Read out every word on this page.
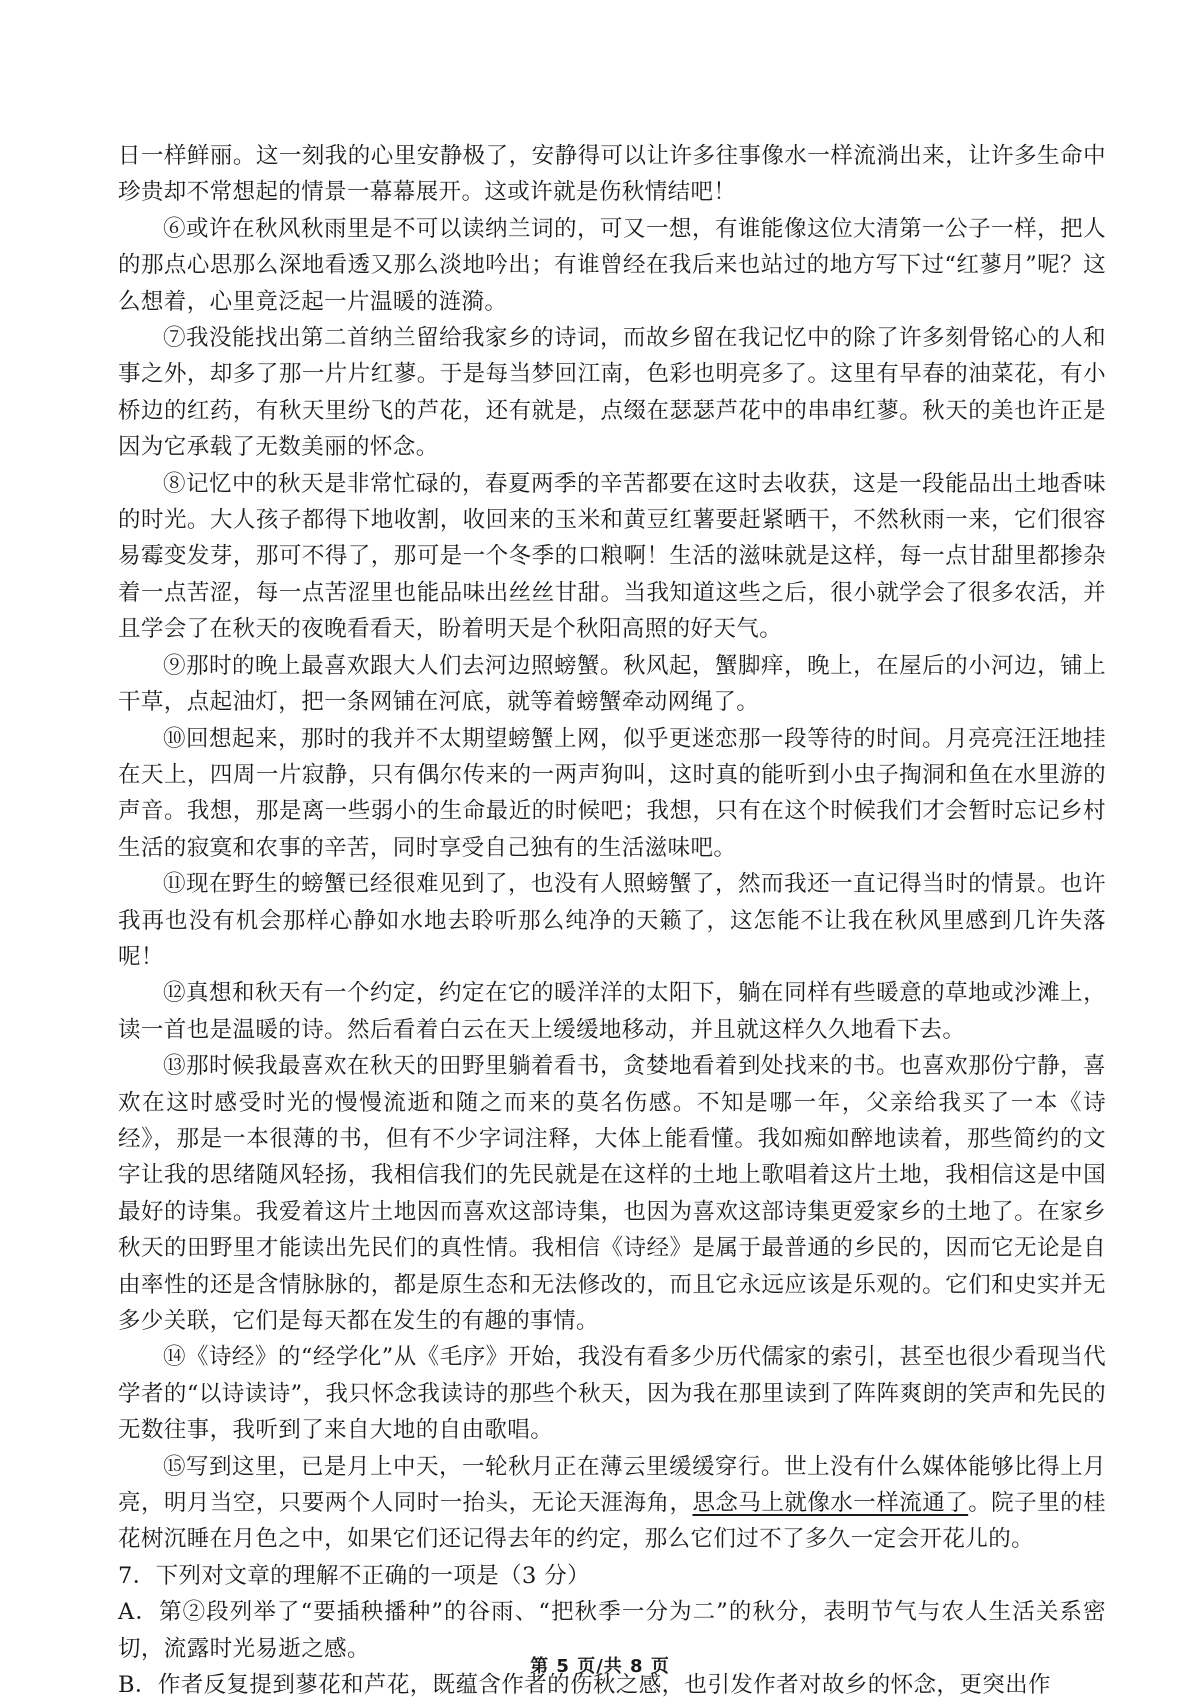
日一样鲜丽。这一刻我的心里安静极了，安静得可以让许多往事像水一样流淌出来，让许多生命中珍贵却不常想起的情景一幕幕展开。这或许就是伤秋情结吧！

⑥或许在秋风秋雨里是不可以读纳兰词的，可又一想，有谁能像这位大清第一公子一样，把人的那点心思那么深地看透又那么淡地吟出；有谁曾经在我后来也站过的地方写下过“红蓼月”呢？这么想着，心里竟泛起一片温暖的涟漪。

⑦我没能找出第二首纳兰留给我家乡的诗词，而故乡留在我记忆中的除了许多刻骨铭心的人和事之外，却多了那一片片红蓼。于是每当梦回江南，色彩也明亮多了。这里有早春的油菜花，有小桥边的红药，有秋天里纷飞的芦花，还有就是，点缀在瑟瑟芦花中的串串红蓼。秋天的美也许正是因为它承载了无数美丽的怀念。

⑧记忆中的秋天是非常忙碌的，春夏两季的辛苦都要在这时去收获，这是一段能品出土地香味的时光。大人孩子都得下地收割，收回来的玉米和黄豆红薯要赶紧晒干，不然秋雨一来，它们很容易霉变发芽，那可不得了，那可是一个冬季的口粮啊！生活的滋味就是这样，每一点甘甜里都掺杂着一点苦涩，每一点苦涩里也能品味出丝丝甘甜。当我知道这些之后，很小就学会了很多农活，并且学会了在秋天的夜晚看看天，盼着明天是个秋阳高照的好天气。

⑨那时的晚上最喜欢跟大人们去河边照螃蟹。秋风起，蟹脚痒，晚上，在屋后的小河边，铺上干草，点起油灯，把一条网铺在河底，就等着螃蟹牵动网绳了。

⑩回想起来，那时的我并不太期望螃蟹上网，似乎更迷恋那一段等待的时间。月亮亮汪汪地挂在天上，四周一片寂静，只有偶尔传来的一两声狗叫，这时真的能听到小虫子掏洞和鱼在水里游的声音。我想，那是离一些弱小的生命最近的时候吧；我想，只有在这个时候我们才会暂时忘记乡村生活的寂寞和农事的辛苦，同时享受自己独有的生活滋味吧。

⑪现在野生的螃蟹已经很难见到了，也没有人照螃蟹了，然而我还一直记得当时的情景。也许我再也没有机会那样心静如水地去聆听那么纯净的天籁了，这怎能不让我在秋风里感到几许失落呢！

⑫真想和秋天有一个约定，约定在它的暖洋洋的太阳下，躺在同样有些暖意的草地或沙滩上，读一首也是温暖的诗。然后看着白云在天上缓缓地移动，并且就这样久久地看下去。

⑬那时候我最喜欢在秋天的田野里躺着看书，贪婪地看着到处找来的书。也喜欢那份宁静，喜欢在这时感受时光的慢慢流逝和随之而来的莫名伤感。不知是哪一年，父亲给我买了一本《诗经》，那是一本很薄的书，但有不少字词注释，大体上能看懂。我如痴如醉地读着，那些简约的文字让我的思绪随风轻扬，我相信我们的先民就是在这样的土地上歌唱着这片土地，我相信这是中国最好的诗集。我爱着这片土地因而喜欢这部诗集，也因为喜欢这部诗集更爱家乡的土地了。在家乡秋天的田野里才能读出先民们的真性情。我相信《诗经》是属于最普通的乡民的，因而它无论是自由率性的还是含情脉脉的，都是原生态和无法修改的，而且它永远应该是乐观的。它们和史实并无多少关联，它们是每天都在发生的有趣的事情。

⑭《诗经》的“经学化”从《毛序》开始，我没有看多少历代儒家的索引，甚至也很少看现当代学者的“以诗读诗”，我只怀念我读诗的那些个秋天，因为我在那里读到了阵阵爽朗的笑声和先民的无数往事，我听到了来自大地的自由歌唱。

⑮写到这里，已是月上中天，一轮秋月正在薄云里缓缓穿行。世上没有什么媒体能够比得上月亮，明月当空，只要两个人同时一抬头，无论天涯海角，思念马上就像水一样流通了。院子里的桂花树沉睡在月色之中，如果它们还记得去年的约定，那么它们过不了多久一定会开花儿的。

7．下列对文章的理解不正确的一项是（3 分）

A．第②段列举了“要插秧播种”的谷雨、“把秋季一分为二”的秋分，表明节气与农人生活关系密切，流露时光易逝之感。

B．作者反复提到蓼花和芦花，既蕴含作者的伤秋之感，也引发作者对故乡的怀念，更突出作

第 5 页/共 8 页
